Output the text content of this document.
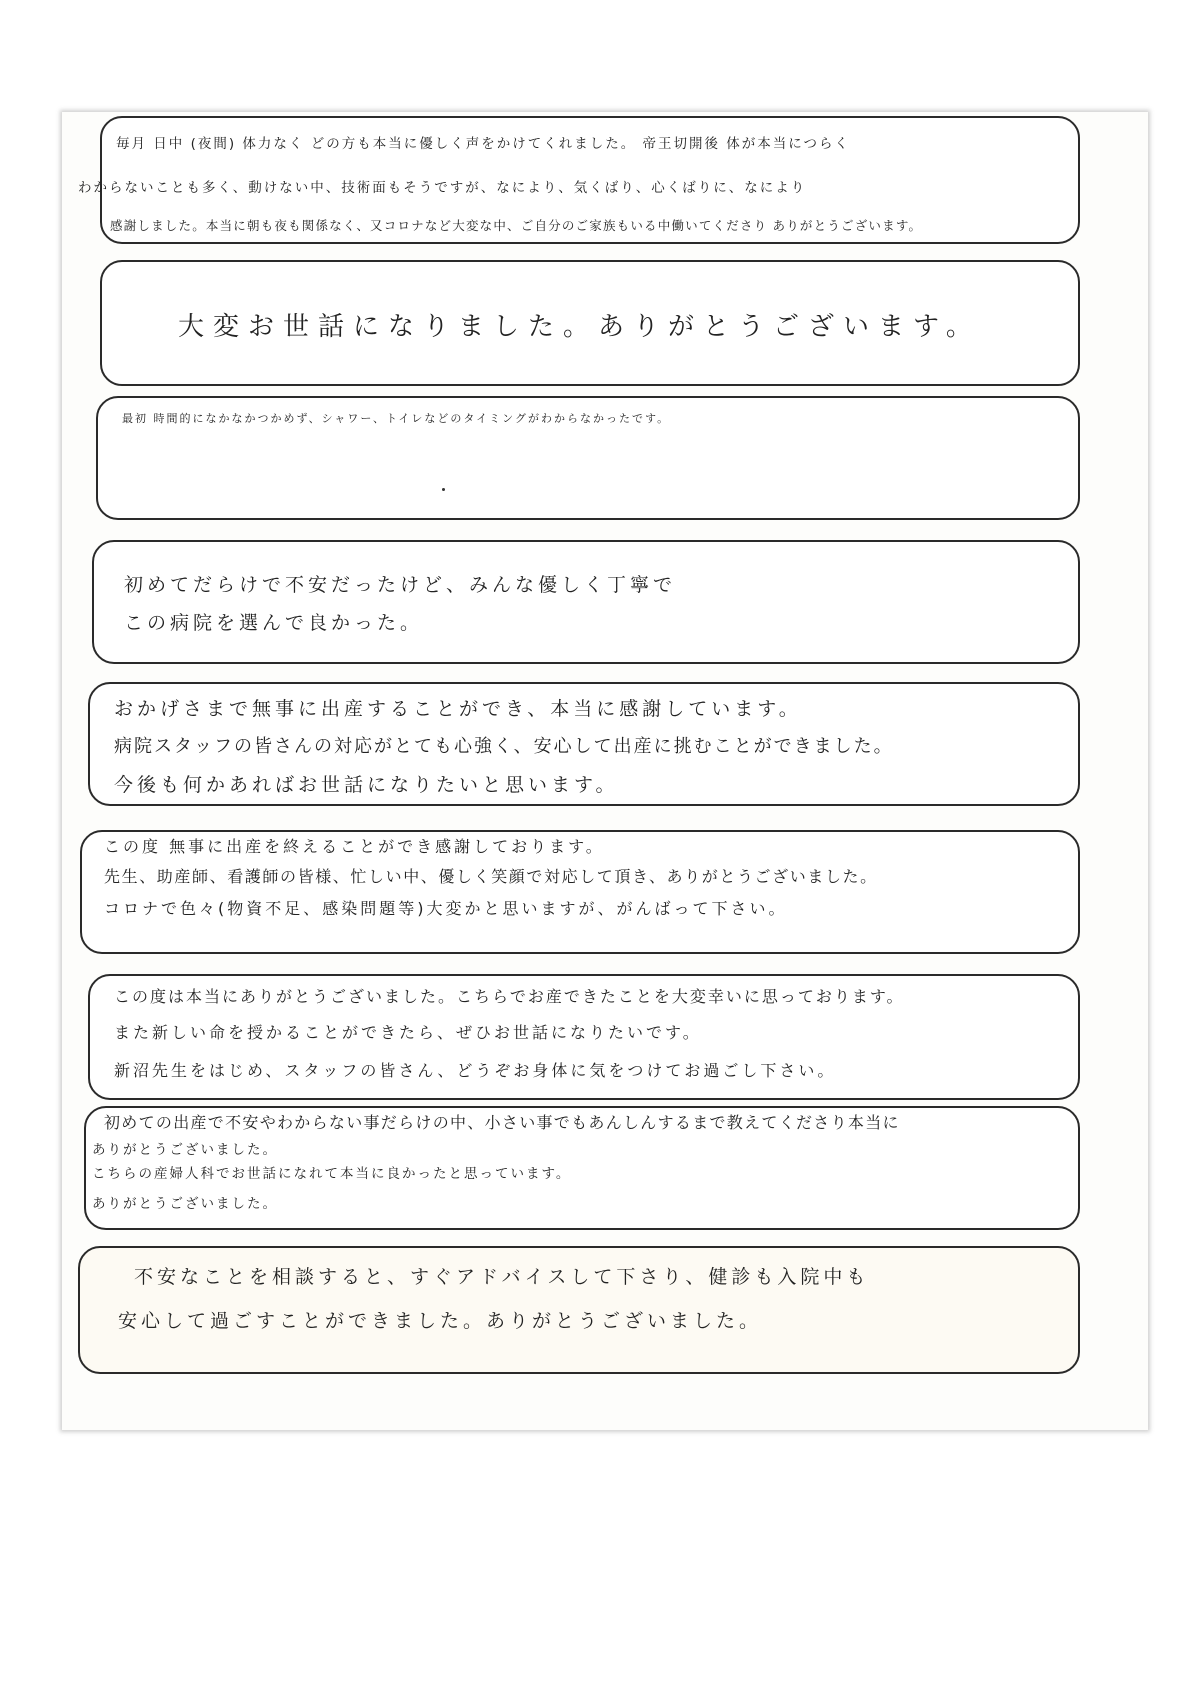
毎月 日中 (夜間) 体力なく どの方も本当に優しく声をかけてくれました。 帝王切開後 体が本当につらく
わからないことも多く、動けない中、技術面もそうですが、なにより、気くばり、心くばりに、なにより
感謝しました。本当に朝も夜も関係なく、又コロナなど大変な中、ご自分のご家族もいる中働いてくださり ありがとうございます。
大変お世話になりました。ありがとうございます。
最初 時間的になかなかつかめず、シャワー、トイレなどのタイミングがわからなかったです。
初めてだらけで不安だったけど、みんな優しく丁寧で
この病院を選んで良かった。
おかげさまで無事に出産することができ、本当に感謝しています。
病院スタッフの皆さんの対応がとても心強く、安心して出産に挑むことができました。
今後も何かあればお世話になりたいと思います。
この度 無事に出産を終えることができ感謝しております。
先生、助産師、看護師の皆様、忙しい中、優しく笑顔で対応して頂き、ありがとうございました。
コロナで色々(物資不足、感染問題等)大変かと思いますが、がんばって下さい。
この度は本当にありがとうございました。こちらでお産できたことを大変幸いに思っております。
また新しい命を授かることができたら、ぜひお世話になりたいです。
新沼先生をはじめ、スタッフの皆さん、どうぞお身体に気をつけてお過ごし下さい。
初めての出産で不安やわからない事だらけの中、小さい事でもあんしんするまで教えてくださり本当に
ありがとうございました。
こちらの産婦人科でお世話になれて本当に良かったと思っています。
ありがとうございました。
不安なことを相談すると、すぐアドバイスして下さり、健診も入院中も
安心して過ごすことができました。ありがとうございました。
